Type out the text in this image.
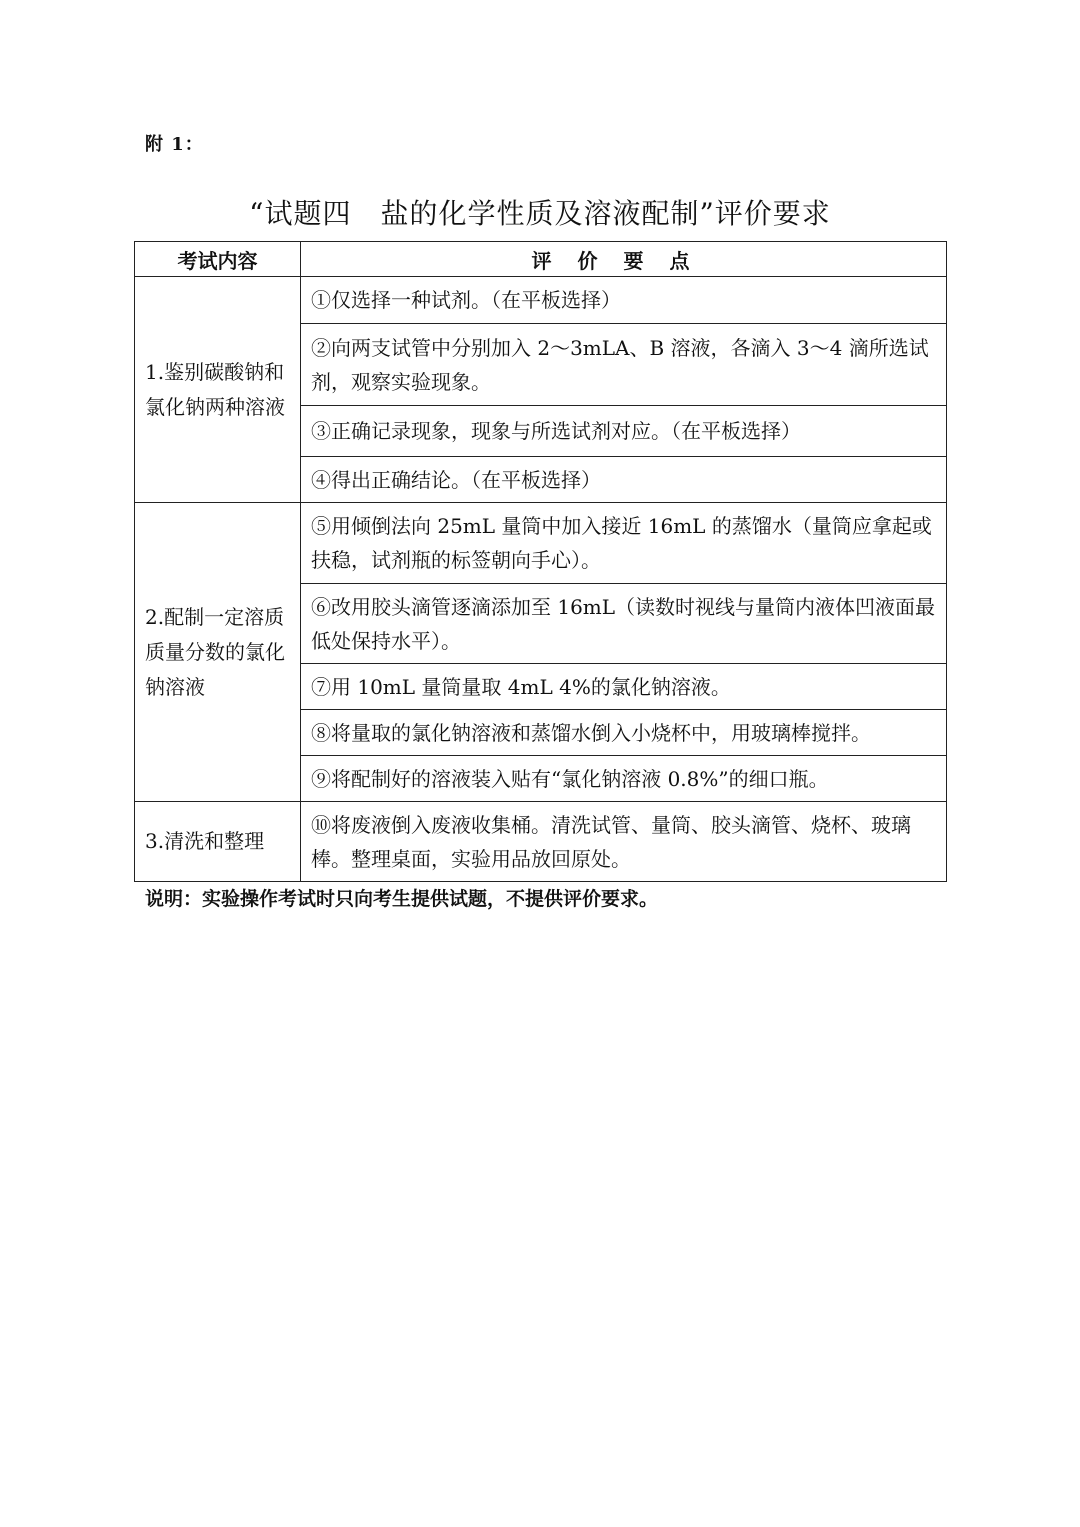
附 1：
“试题四　盐的化学性质及溶液配制”评价要求
考试内容	评价要点
1.鉴别碳酸钠和氯化钠两种溶液	①仅选择一种试剂。（在平板选择）
	②向两支试管中分别加入 2～3mLA、B 溶液，各滴入 3～4 滴所选试剂，观察实验现象。
	③正确记录现象，现象与所选试剂对应。（在平板选择）
	④得出正确结论。（在平板选择）
2.配制一定溶质质量分数的氯化钠溶液	⑤用倾倒法向 25mL 量筒中加入接近 16mL 的蒸馏水（量筒应拿起或扶稳，试剂瓶的标签朝向手心）。
	⑥改用胶头滴管逐滴添加至 16mL（读数时视线与量筒内液体凹液面最低处保持水平）。
	⑦用 10mL 量筒量取 4mL 4%的氯化钠溶液。
	⑧将量取的氯化钠溶液和蒸馏水倒入小烧杯中，用玻璃棒搅拌。
	⑨将配制好的溶液装入贴有“氯化钠溶液 0.8%”的细口瓶。
3.清洗和整理	⑩将废液倒入废液收集桶。清洗试管、量筒、胶头滴管、烧杯、玻璃棒。整理桌面，实验用品放回原处。
说明：实验操作考试时只向考生提供试题，不提供评价要求。
